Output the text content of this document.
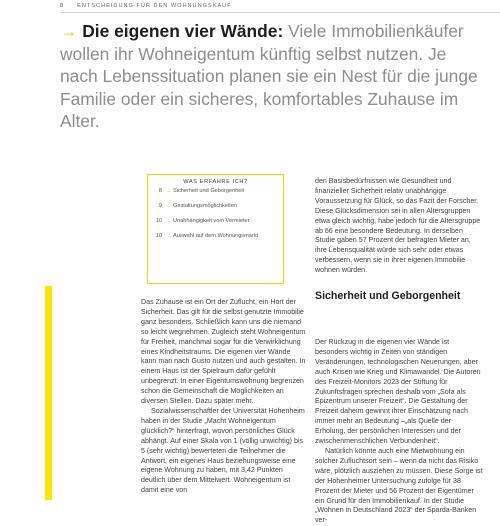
8	ENTSCHEIDUNG FÜR DEN WOHNUNGSKAUF

→ Die eigenen vier Wände: Viele Immobilienkäufer wollen ihr Wohneigentum künftig selbst nutzen. Je nach Lebenssituation planen sie ein Nest für die junge Familie oder ein sicheres, komfortables Zuhause im Alter.

WAS ERFAHRE ICH?
8 → Sicherheit und Geborgenheit
9 → Gestaltungsmöglichkeiten
10 → Unabhängigkeit vom Vermieter
10 → Auswahl auf dem Wohnungsmarkt

den Basisbedürfnissen wie Gesundheit und finanzieller Sicherheit relativ unabhängige Voraussetzung für Glück, so das Fazit der Forscher. Diese Glücksdimension sei in allen Altersgruppen etwa gleich wichtig, habe jedoch für die Altersgruppe ab 66 eine besondere Bedeutung. In derselben Studie gaben 57 Prozent der befragten Mieter an, ihre Lebensqualität würde sich sehr oder etwas verbessern, wenn sie in ihrer eigenen Immobilie wohnen würden.

Sicherheit und Geborgenheit

Das Zuhause ist ein Ort der Zuflucht, ein Hort der Sicherheit. Das gilt für die selbst genutzte Immobilie ganz besonders. Schließlich kann uns die niemand so leicht wegnehmen. Zugleich steht Wohneigentum für Freiheit, manchmal sogar für die Verwirklichung eines Kindheitstraums. Die eigenen vier Wände kann man nach Gusto nutzen und auch gestalten. In einem Haus ist der Spielraum dafür gefühlt unbegrenzt. In einer Eigentumswohnung begrenzen schon die Gemeinschaft die Möglichkeiten an diversen Stellen. Dazu später mehr.

Sozialwissenschaftler der Universität Hohenheim haben in der Studie „Macht Wohneigentum glücklich?“ hinterfragt, wovon persönliches Glück abhängt. Auf einer Skala von 1 (völlig unwichtig) bis 5 (sehr wichtig) bewerteten die Teilnehmer die Antwort, ein eigenes Haus beziehungsweise eine eigene Wohnung zu haben, mit 3,42 Punkten deutlich über dem Mittelwert. Wohneigentum ist damit eine von

Der Rückzug in die eigenen vier Wände ist besonders wichtig in Zeiten von ständigen Veränderungen, technologischen Neuerungen, aber auch Krisen wie Krieg und Klimawandel. Die Autoren des Freizeit-Monitors 2023 der Stiftung für Zukunftsfragen sprechen deshalb vom „Sofa als Epizentrum unserer Freizeit“. Die Gestaltung der Freizeit daheim gewinnt ihrer Einschätzung nach immer mehr an Bedeutung –„als Quelle der Erholung, der persönlichen Interessen und der zwischenmenschlichen Verbundenheit“.

Natürlich könnte auch eine Mietwohnung ein solcher Zufluchtsort sein – wenn da nicht das Risiko wäre, plötzlich ausziehen zu müssen. Diese Sorge ist der Hohenheimer Untersuchung zufolge für 38 Prozent der Mieter und 56 Prozent der Eigentümer ein Grund für den Immobilienkauf. In der Studie „Wohnen in Deutschland 2023“ der Sparda-Banken ver-
